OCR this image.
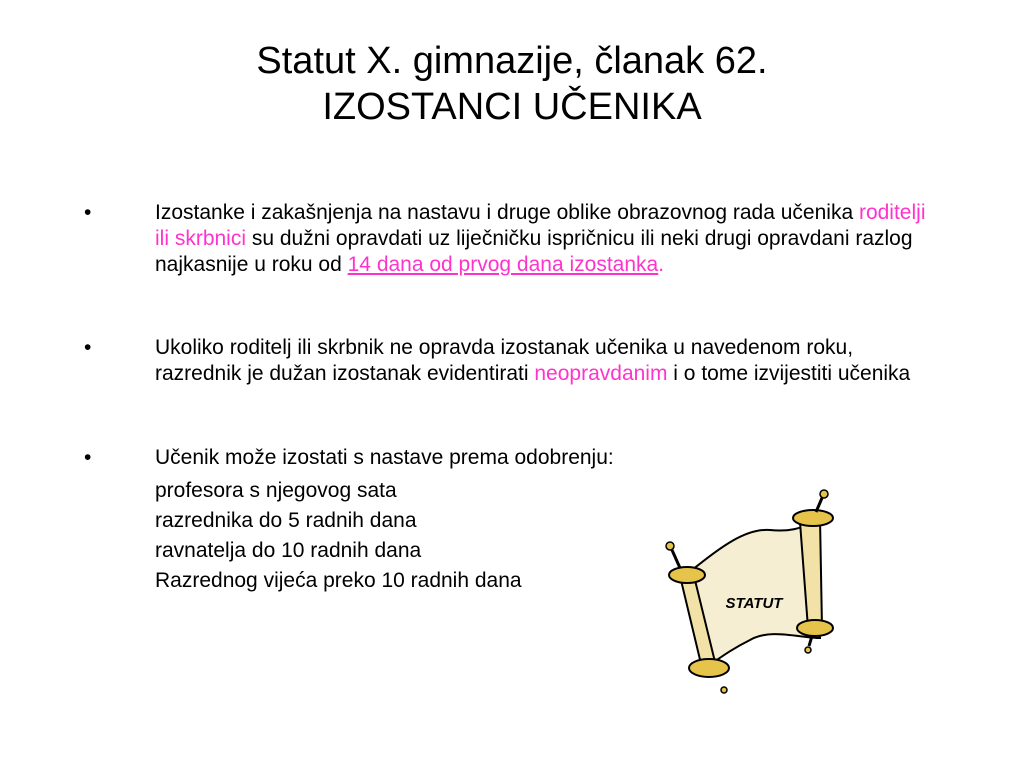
Statut X. gimnazije, članak 62.
IZOSTANCI UČENIKA
•	Izostanke i zakašnjenja na nastavu i druge oblike obrazovnog rada učenika roditelji ili skrbnici su dužni opravdati uz liječničku ispričnicu ili neki drugi opravdani razlog najkasnije u roku od 14 dana od prvog dana izostanka.
•	Ukoliko roditelj ili skrbnik ne opravda izostanak učenika u navedenom roku, razrednik je dužan izostanak evidentirati neopravdanim i o tome izvijestiti učenika
•	Učenik može izostati s nastave prema odobrenju:
profesora s njegovog sata
razrednika do 5 radnih dana
ravnatelja do 10 radnih dana
Razrednog vijeća preko 10 radnih dana
STATUT
